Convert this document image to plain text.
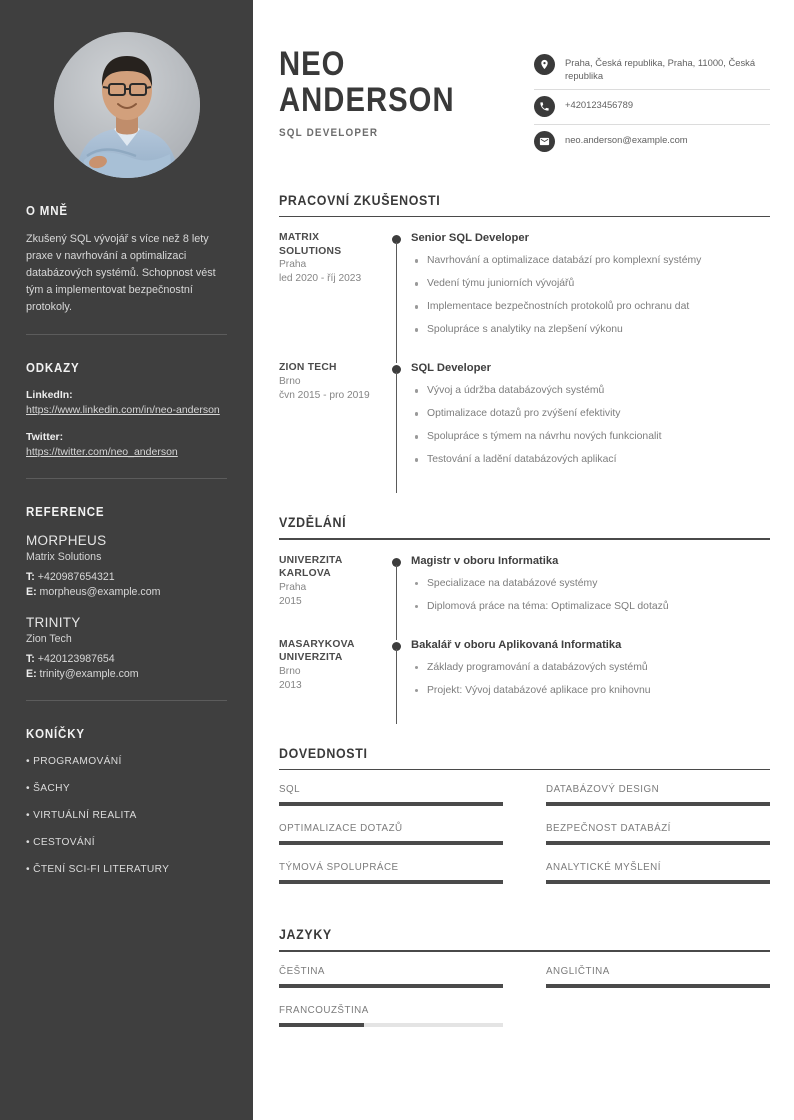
O MNĚ
Zkušený SQL vývojář s více než 8 lety praxe v navrhování a optimalizaci databázových systémů. Schopnost vést tým a implementovat bezpečnostní protokoly.
ODKAZY
LinkedIn:
https://www.linkedin.com/in/neo-anderson
Twitter:
https://twitter.com/neo_anderson
REFERENCE
MORPHEUS
Matrix Solutions
T: +420987654321
E: morpheus@example.com
TRINITY
Zion Tech
T: +420123987654
E: trinity@example.com
KONÍČKY
• PROGRAMOVÁNÍ
• ŠACHY
• VIRTUÁLNÍ REALITA
• CESTOVÁNÍ
• ČTENÍ SCI-FI LITERATURY
NEO
ANDERSON
SQL DEVELOPER
Praha, Česká republika, Praha, 11000, Česká republika
+420123456789
neo.anderson@example.com
PRACOVNÍ ZKUŠENOSTI
MATRIX SOLUTIONS
Praha
led 2020 - říj 2023
Senior SQL Developer
Navrhování a optimalizace databází pro komplexní systémy
Vedení týmu juniorních vývojářů
Implementace bezpečnostních protokolů pro ochranu dat
Spolupráce s analytiky na zlepšení výkonu
ZION TECH
Brno
čvn 2015 - pro 2019
SQL Developer
Vývoj a údržba databázových systémů
Optimalizace dotazů pro zvýšení efektivity
Spolupráce s týmem na návrhu nových funkcionalit
Testování a ladění databázových aplikací
VZDĚLÁNÍ
UNIVERZITA KARLOVA
Praha
2015
Magistr v oboru Informatika
Specializace na databázové systémy
Diplomová práce na téma: Optimalizace SQL dotazů
MASARYKOVA UNIVERZITA
Brno
2013
Bakalář v oboru Aplikovaná Informatika
Základy programování a databázových systémů
Projekt: Vývoj databázové aplikace pro knihovnu
DOVEDNOSTI
SQL	DATABÁZOVÝ DESIGN
OPTIMALIZACE DOTAZŮ	BEZPEČNOST DATABÁZÍ
TÝMOVÁ SPOLUPRÁCE	ANALYTICKÉ MYŠLENÍ
JAZYKY
ČEŠTINA	ANGLIČTINA
FRANCOUZŠTINA
